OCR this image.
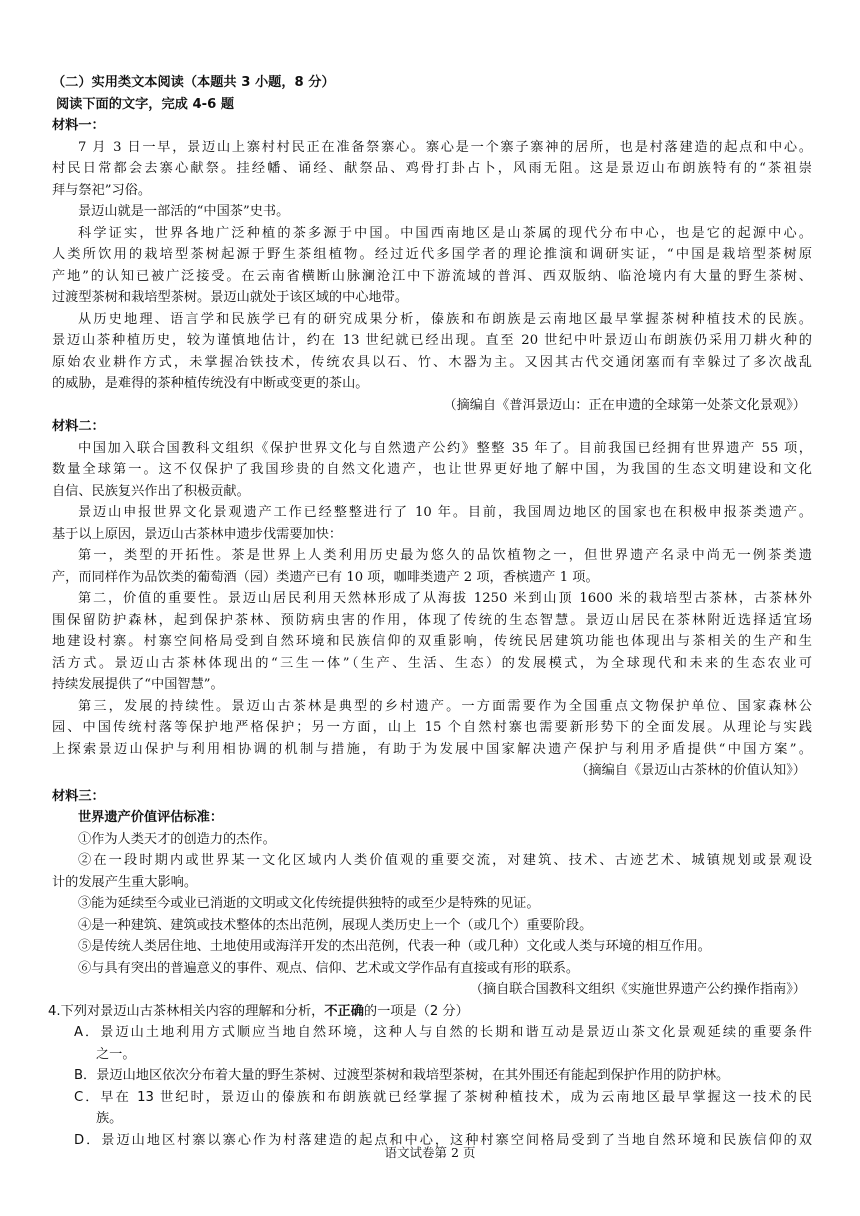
（二）实用类文本阅读（本题共 3 小题，8 分）
阅读下面的文字，完成 4-6 题
材料一：
7 月 3 日一早，景迈山上寨村村民正在准备祭寨心。寨心是一个寨子寨神的居所，也是村落建造的起点和中心。
村民日常都会去寨心献祭。挂经幡、诵经、献祭品、鸡骨打卦占卜，风雨无阻。这是景迈山布朗族特有的“茶祖崇
拜与祭祀”习俗。
景迈山就是一部活的“中国茶”史书。
科学证实，世界各地广泛种植的茶多源于中国。中国西南地区是山茶属的现代分布中心，也是它的起源中心。
人类所饮用的栽培型茶树起源于野生茶组植物。经过近代多国学者的理论推演和调研实证，“中国是栽培型茶树原
产地”的认知已被广泛接受。在云南省横断山脉澜沧江中下游流域的普洱、西双版纳、临沧境内有大量的野生茶树、
过渡型茶树和栽培型茶树。景迈山就处于该区域的中心地带。
从历史地理、语言学和民族学已有的研究成果分析，傣族和布朗族是云南地区最早掌握茶树种植技术的民族。
景迈山茶种植历史，较为谨慎地估计，约在 13 世纪就已经出现。直至 20 世纪中叶景迈山布朗族仍采用刀耕火种的
原始农业耕作方式，未掌握冶铁技术，传统农具以石、竹、木器为主。又因其古代交通闭塞而有幸躲过了多次战乱
的威胁，是难得的茶种植传统没有中断或变更的茶山。
（摘编自《普洱景迈山：正在申遗的全球第一处茶文化景观》）
材料二：
中国加入联合国教科文组织《保护世界文化与自然遗产公约》整整 35 年了。目前我国已经拥有世界遗产 55 项，
数量全球第一。这不仅保护了我国珍贵的自然文化遗产，也让世界更好地了解中国，为我国的生态文明建设和文化
自信、民族复兴作出了积极贡献。
景迈山申报世界文化景观遗产工作已经整整进行了 10 年。目前，我国周边地区的国家也在积极申报茶类遗产。
基于以上原因，景迈山古茶林申遗步伐需要加快：
第一，类型的开拓性。茶是世界上人类利用历史最为悠久的品饮植物之一，但世界遗产名录中尚无一例茶类遗
产，而同样作为品饮类的葡萄酒（园）类遗产已有 10 项，咖啡类遗产 2 项，香槟遗产 1 项。
第二，价值的重要性。景迈山居民利用天然林形成了从海拔 1250 米到山顶 1600 米的栽培型古茶林，古茶林外
围保留防护森林，起到保护茶林、预防病虫害的作用，体现了传统的生态智慧。景迈山居民在茶林附近选择适宜场
地建设村寨。村寨空间格局受到自然环境和民族信仰的双重影响，传统民居建筑功能也体现出与茶相关的生产和生
活方式。景迈山古茶林体现出的“三生一体”（生产、生活、生态）的发展模式，为全球现代和未来的生态农业可
持续发展提供了“中国智慧”。
第三，发展的持续性。景迈山古茶林是典型的乡村遗产。一方面需要作为全国重点文物保护单位、国家森林公
园、中国传统村落等保护地严格保护；另一方面，山上 15 个自然村寨也需要新形势下的全面发展。从理论与实践
上探索景迈山保护与利用相协调的机制与措施，有助于为发展中国家解决遗产保护与利用矛盾提供“中国方案”。
（摘编自《景迈山古茶林的价值认知》）
材料三：
世界遗产价值评估标准：
①作为人类天才的创造力的杰作。
②在一段时期内或世界某一文化区域内人类价值观的重要交流，对建筑、技术、古迹艺术、城镇规划或景观设
计的发展产生重大影响。
③能为延续至今或业已消逝的文明或文化传统提供独特的或至少是特殊的见证。
④是一种建筑、建筑或技术整体的杰出范例，展现人类历史上一个（或几个）重要阶段。
⑤是传统人类居住地、土地使用或海洋开发的杰出范例，代表一种（或几种）文化或人类与环境的相互作用。
⑥与具有突出的普遍意义的事件、观点、信仰、艺术或文学作品有直接或有形的联系。
（摘自联合国教科文组织《实施世界遗产公约操作指南》）
4.下列对景迈山古茶林相关内容的理解和分析，不正确的一项是（2 分）
A．景迈山土地利用方式顺应当地自然环境，这种人与自然的长期和谐互动是景迈山茶文化景观延续的重要条件
之一。
B．景迈山地区依次分布着大量的野生茶树、过渡型茶树和栽培型茶树，在其外围还有能起到保护作用的防护林。
C．早在 13 世纪时，景迈山的傣族和布朗族就已经掌握了茶树种植技术，成为云南地区最早掌握这一技术的民
族。
D．景迈山地区村寨以寨心作为村落建造的起点和中心，这种村寨空间格局受到了当地自然环境和民族信仰的双
语文试卷第 2 页
